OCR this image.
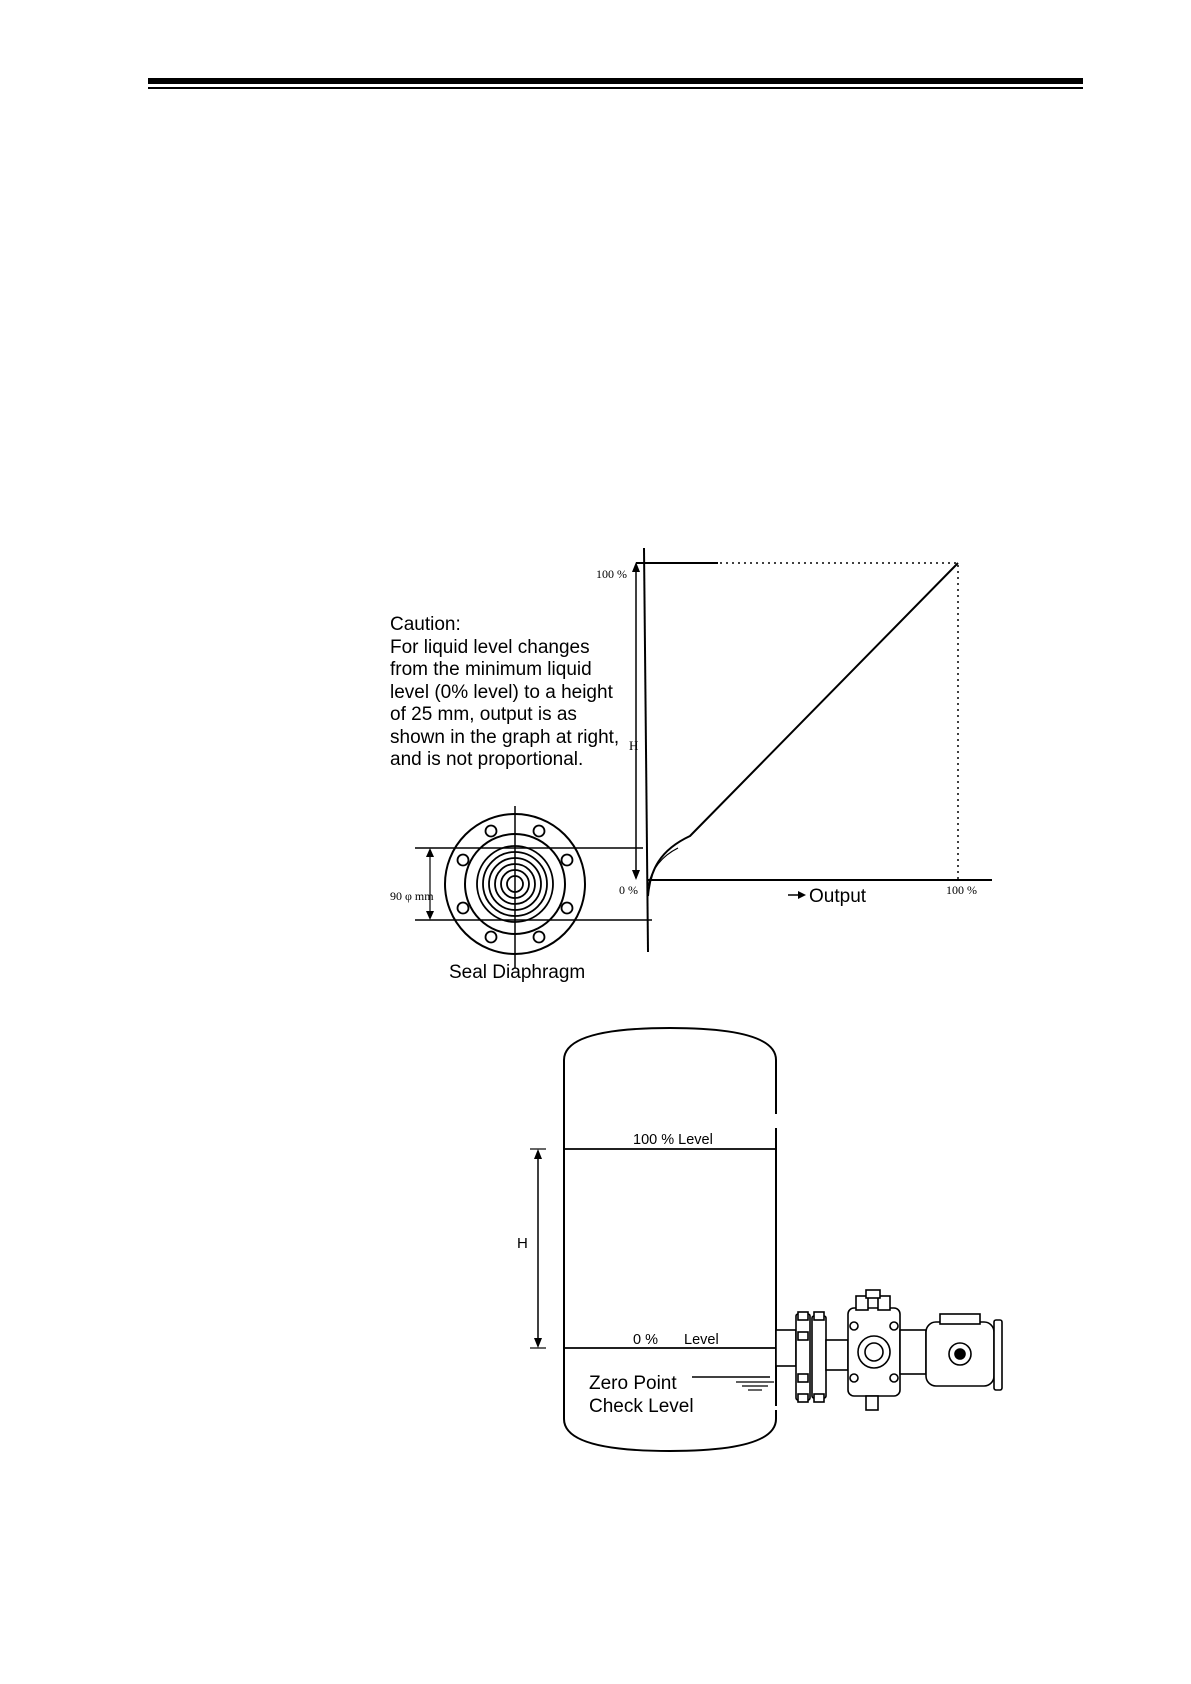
Caution:
For liquid level changes
from the minimum liquid
level (0% level) to a height
of 25 mm, output is as
shown in the graph at right,
and is not proportional.
100 %
0 %
H
Output	100 %
90 φ mm
Seal Diaphragm
100 % Level
0 % Level
H
Zero Point
Check Level
